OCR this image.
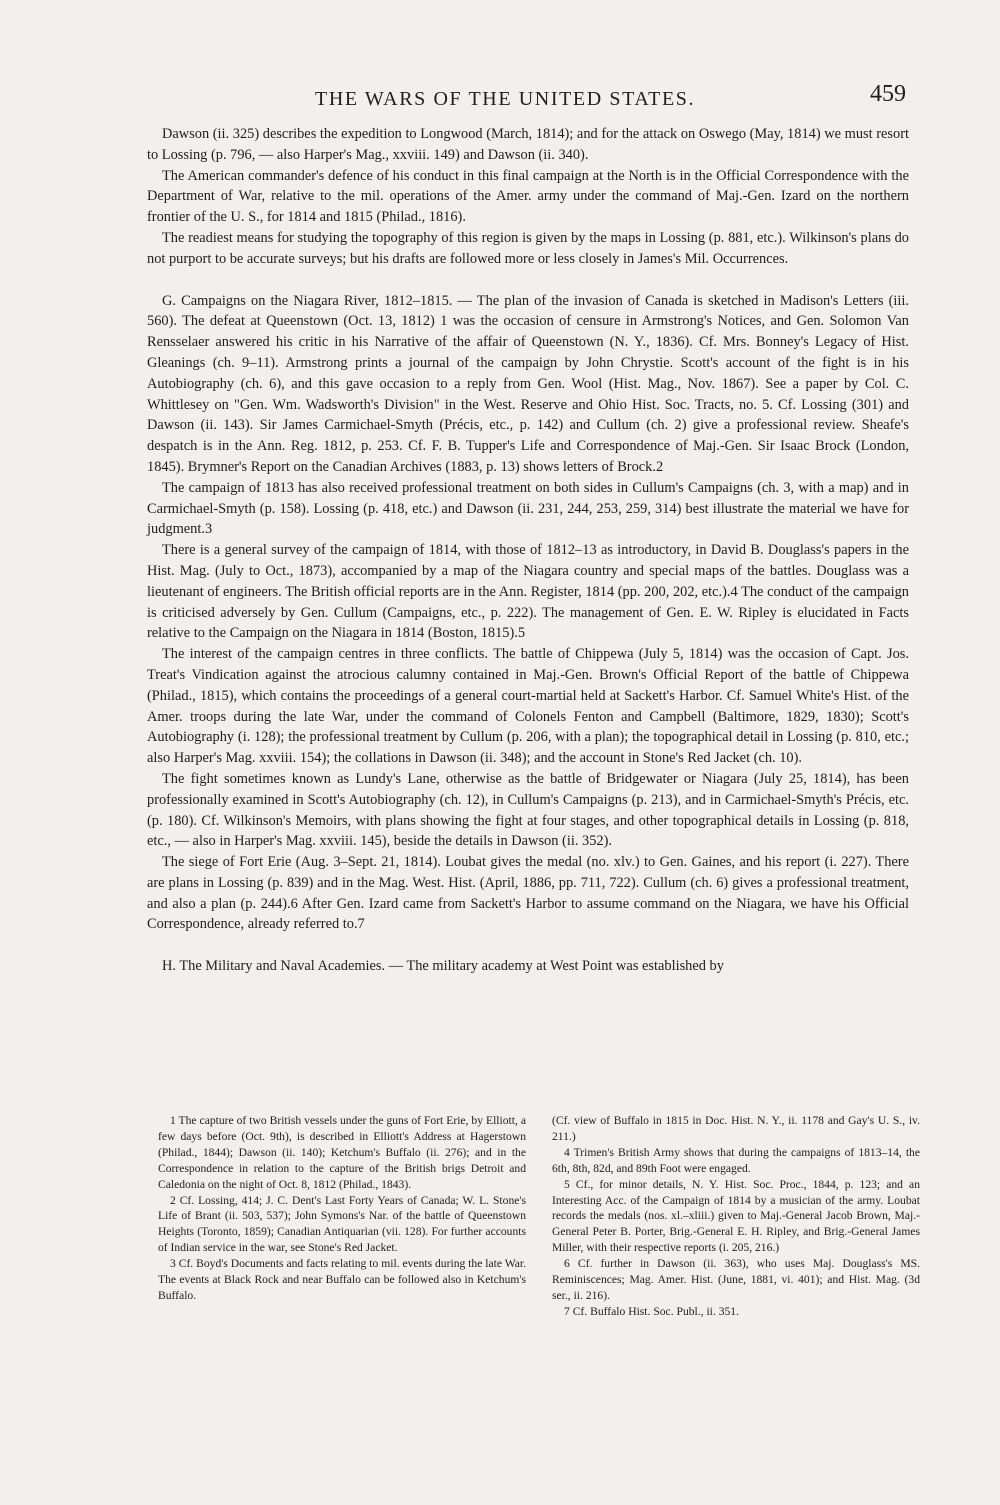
THE WARS OF THE UNITED STATES.	459

Dawson (ii. 325) describes the expedition to Longwood (March, 1814); and for the attack on Oswego (May, 1814) we must resort to Lossing (p. 796, — also Harper's Mag., xxviii. 149) and Dawson (ii. 340).

The American commander's defence of his conduct in this final campaign at the North is in the Official Correspondence with the Department of War, relative to the mil. operations of the Amer. army under the command of Maj.-Gen. Izard on the northern frontier of the U. S., for 1814 and 1815 (Philad., 1816).

The readiest means for studying the topography of this region is given by the maps in Lossing (p. 881, etc.). Wilkinson's plans do not purport to be accurate surveys; but his drafts are followed more or less closely in James's Mil. Occurrences.

G. Campaigns on the Niagara River, 1812–1815. — The plan of the invasion of Canada is sketched in Madison's Letters (iii. 560). The defeat at Queenstown (Oct. 13, 1812) 1 was the occasion of censure in Armstrong's Notices, and Gen. Solomon Van Rensselaer answered his critic in his Narrative of the affair of Queenstown (N. Y., 1836). Cf. Mrs. Bonney's Legacy of Hist. Gleanings (ch. 9–11). Armstrong prints a journal of the campaign by John Chrystie. Scott's account of the fight is in his Autobiography (ch. 6), and this gave occasion to a reply from Gen. Wool (Hist. Mag., Nov. 1867). See a paper by Col. C. Whittlesey on "Gen. Wm. Wadsworth's Division" in the West. Reserve and Ohio Hist. Soc. Tracts, no. 5. Cf. Lossing (301) and Dawson (ii. 143). Sir James Carmichael-Smyth (Précis, etc., p. 142) and Cullum (ch. 2) give a professional review. Sheafe's despatch is in the Ann. Reg. 1812, p. 253. Cf. F. B. Tupper's Life and Correspondence of Maj.-Gen. Sir Isaac Brock (London, 1845). Brymner's Report on the Canadian Archives (1883, p. 13) shows letters of Brock.2

The campaign of 1813 has also received professional treatment on both sides in Cullum's Campaigns (ch. 3, with a map) and in Carmichael-Smyth (p. 158). Lossing (p. 418, etc.) and Dawson (ii. 231, 244, 253, 259, 314) best illustrate the material we have for judgment.3

There is a general survey of the campaign of 1814, with those of 1812–13 as introductory, in David B. Douglass's papers in the Hist. Mag. (July to Oct., 1873), accompanied by a map of the Niagara country and special maps of the battles. Douglass was a lieutenant of engineers. The British official reports are in the Ann. Register, 1814 (pp. 200, 202, etc.).4 The conduct of the campaign is criticised adversely by Gen. Cullum (Campaigns, etc., p. 222). The management of Gen. E. W. Ripley is elucidated in Facts relative to the Campaign on the Niagara in 1814 (Boston, 1815).5

The interest of the campaign centres in three conflicts. The battle of Chippewa (July 5, 1814) was the occasion of Capt. Jos. Treat's Vindication against the atrocious calumny contained in Maj.-Gen. Brown's Official Report of the battle of Chippewa (Philad., 1815), which contains the proceedings of a general court-martial held at Sackett's Harbor. Cf. Samuel White's Hist. of the Amer. troops during the late War, under the command of Colonels Fenton and Campbell (Baltimore, 1829, 1830); Scott's Autobiography (i. 128); the professional treatment by Cullum (p. 206, with a plan); the topographical detail in Lossing (p. 810, etc.; also Harper's Mag. xxviii. 154); the collations in Dawson (ii. 348); and the account in Stone's Red Jacket (ch. 10).

The fight sometimes known as Lundy's Lane, otherwise as the battle of Bridgewater or Niagara (July 25, 1814), has been professionally examined in Scott's Autobiography (ch. 12), in Cullum's Campaigns (p. 213), and in Carmichael-Smyth's Précis, etc. (p. 180). Cf. Wilkinson's Memoirs, with plans showing the fight at four stages, and other topographical details in Lossing (p. 818, etc., — also in Harper's Mag. xxviii. 145), beside the details in Dawson (ii. 352).

The siege of Fort Erie (Aug. 3–Sept. 21, 1814). Loubat gives the medal (no. xlv.) to Gen. Gaines, and his report (i. 227). There are plans in Lossing (p. 839) and in the Mag. West. Hist. (April, 1886, pp. 711, 722). Cullum (ch. 6) gives a professional treatment, and also a plan (p. 244).6 After Gen. Izard came from Sackett's Harbor to assume command on the Niagara, we have his Official Correspondence, already referred to.7

H. The Military and Naval Academies. — The military academy at West Point was established by

1 The capture of two British vessels under the guns of Fort Erie, by Elliott, a few days before (Oct. 9th), is described in Elliott's Address at Hagerstown (Philad., 1844); Dawson (ii. 140); Ketchum's Buffalo (ii. 276); and in the Correspondence in relation to the capture of the British brigs Detroit and Caledonia on the night of Oct. 8, 1812 (Philad., 1843).

2 Cf. Lossing, 414; J. C. Dent's Last Forty Years of Canada; W. L. Stone's Life of Brant (ii. 503, 537); John Symons's Nar. of the battle of Queenstown Heights (Toronto, 1859); Canadian Antiquarian (vii. 128). For further accounts of Indian service in the war, see Stone's Red Jacket.

3 Cf. Boyd's Documents and facts relating to mil. events during the late War. The events at Black Rock and near Buffalo can be followed also in Ketchum's Buffalo.

(Cf. view of Buffalo in 1815 in Doc. Hist. N. Y., ii. 1178 and Gay's U. S., iv. 211.)

4 Trimen's British Army shows that during the campaigns of 1813–14, the 6th, 8th, 82d, and 89th Foot were engaged.

5 Cf., for minor details, N. Y. Hist. Soc. Proc., 1844, p. 123; and an Interesting Acc. of the Campaign of 1814 by a musician of the army. Loubat records the medals (nos. xl.–xliii.) given to Maj.-General Jacob Brown, Maj.-General Peter B. Porter, Brig.-General E. H. Ripley, and Brig.-General James Miller, with their respective reports (i. 205, 216.)

6 Cf. further in Dawson (ii. 363), who uses Maj. Douglass's MS. Reminiscences; Mag. Amer. Hist. (June, 1881, vi. 401); and Hist. Mag. (3d ser., ii. 216).

7 Cf. Buffalo Hist. Soc. Publ., ii. 351.
